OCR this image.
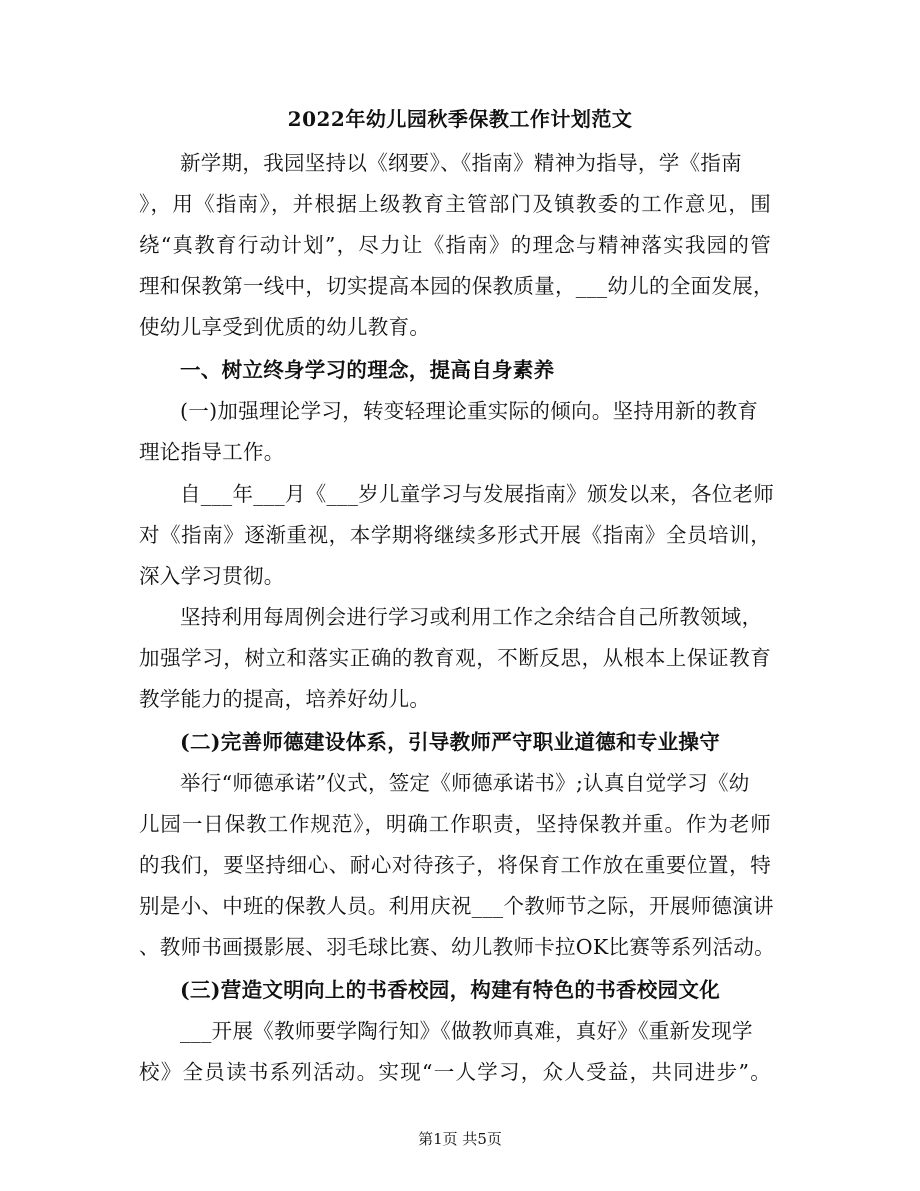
2022年幼儿园秋季保教工作计划范文
新学期，我园坚持以《纲要》、《指南》精神为指导，学《指南
》，用《指南》，并根据上级教育主管部门及镇教委的工作意见，围
绕“真教育行动计划”，尽力让《指南》的理念与精神落实我园的管
理和保教第一线中，切实提高本园的保教质量，___幼儿的全面发展，
使幼儿享受到优质的幼儿教育。
一、树立终身学习的理念，提高自身素养
(一)加强理论学习，转变轻理论重实际的倾向。坚持用新的教育
理论指导工作。
自___年___月《___岁儿童学习与发展指南》颁发以来，各位老师
对《指南》逐渐重视，本学期将继续多形式开展《指南》全员培训，
深入学习贯彻。
坚持利用每周例会进行学习或利用工作之余结合自己所教领域，
加强学习，树立和落实正确的教育观，不断反思，从根本上保证教育
教学能力的提高，培养好幼儿。
(二)完善师德建设体系，引导教师严守职业道德和专业操守
举行“师德承诺”仪式，签定《师德承诺书》;认真自觉学习《幼
儿园一日保教工作规范》，明确工作职责，坚持保教并重。作为老师
的我们，要坚持细心、耐心对待孩子，将保育工作放在重要位置，特
别是小、中班的保教人员。利用庆祝___个教师节之际，开展师德演讲
、教师书画摄影展、羽毛球比赛、幼儿教师卡拉OK比赛等系列活动。
(三)营造文明向上的书香校园，构建有特色的书香校园文化
___开展《教师要学陶行知》《做教师真难，真好》《重新发现学
校》全员读书系列活动。实现“一人学习，众人受益，共同进步”。
第1页 共5页
